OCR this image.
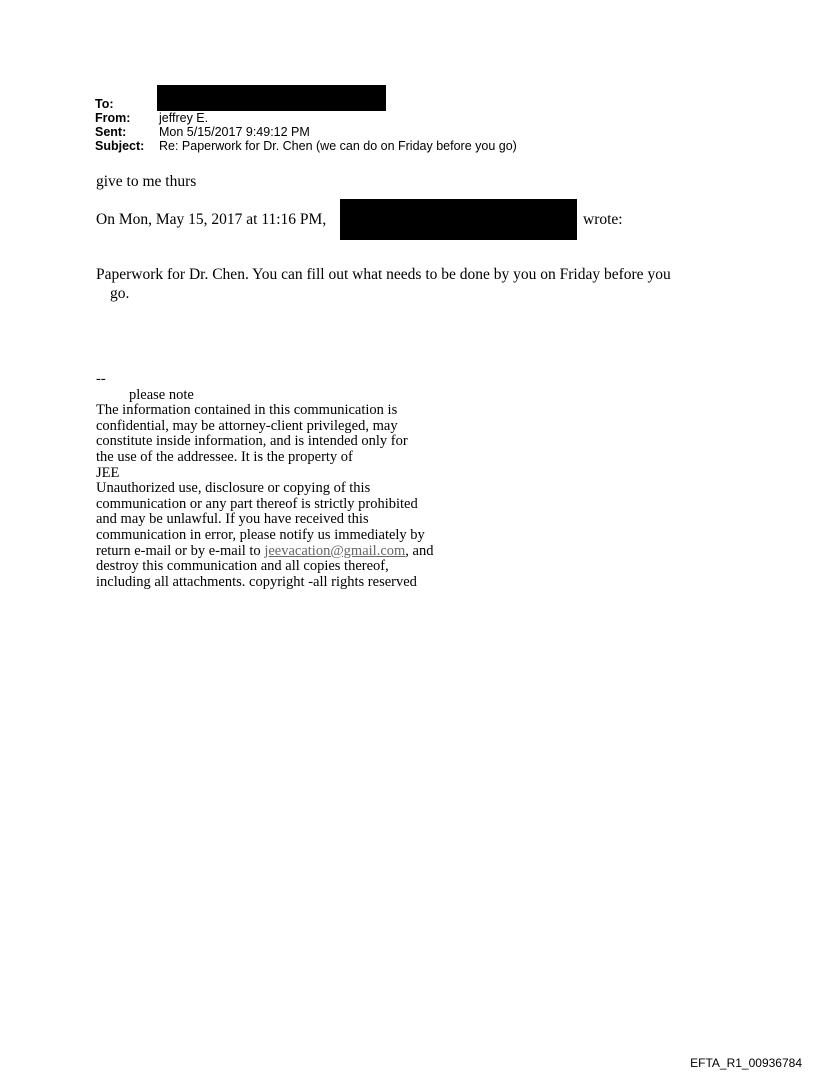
To:
From:	jeffrey E.
Sent:	Mon 5/15/2017 9:49:12 PM
Subject:	Re: Paperwork for Dr. Chen (we can do on Friday before you go)

give to me thurs

On Mon, May 15, 2017 at 11:16 PM,	wrote:

Paperwork for Dr. Chen. You can fill out what needs to be done by you on Friday before you
go.

--
please note
The information contained in this communication is
confidential, may be attorney-client privileged, may
constitute inside information, and is intended only for
the use of the addressee. It is the property of
JEE
Unauthorized use, disclosure or copying of this
communication or any part thereof is strictly prohibited
and may be unlawful. If you have received this
communication in error, please notify us immediately by
return e-mail or by e-mail to jeevacation@gmail.com, and
destroy this communication and all copies thereof,
including all attachments. copyright -all rights reserved
EFTA_R1_00936784
